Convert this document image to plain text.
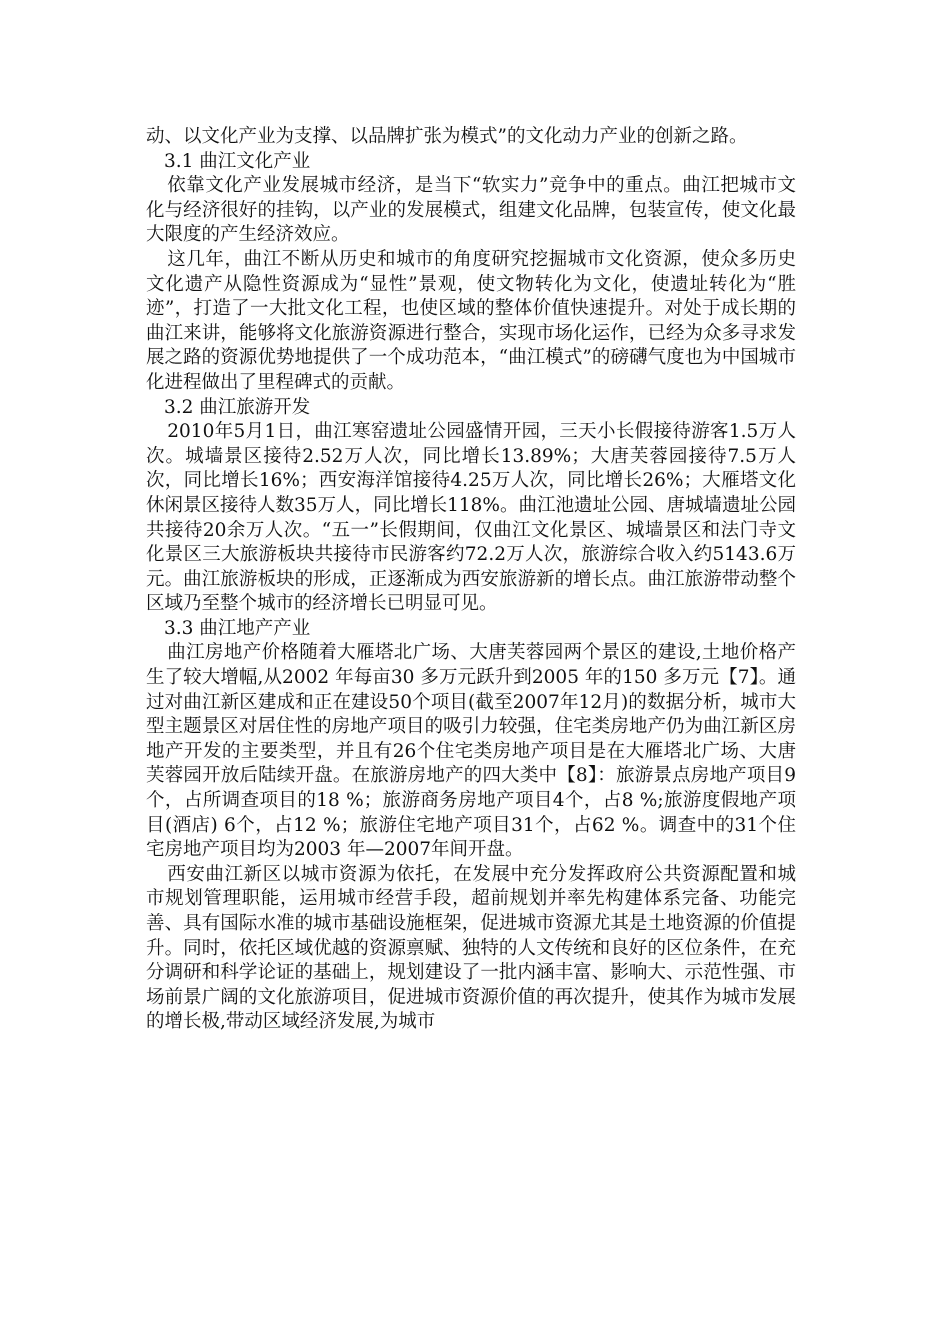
动、以文化产业为支撑、以品牌扩张为模式”的文化动力产业的创新之路。

3.1 曲江文化产业

依靠文化产业发展城市经济，是当下“软实力”竞争中的重点。曲江把城市文化与经济很好的挂钩，以产业的发展模式，组建文化品牌，包装宣传，使文化最大限度的产生经济效应。

这几年，曲江不断从历史和城市的角度研究挖掘城市文化资源，使众多历史文化遗产从隐性资源成为“显性”景观，使文物转化为文化，使遗址转化为“胜迹”，打造了一大批文化工程，也使区域的整体价值快速提升。对处于成长期的曲江来讲，能够将文化旅游资源进行整合，实现市场化运作，已经为众多寻求发展之路的资源优势地提供了一个成功范本，“曲江模式”的磅礴气度也为中国城市化进程做出了里程碑式的贡献。

3.2 曲江旅游开发

2010年5月1日，曲江寒窑遗址公园盛情开园，三天小长假接待游客1.5万人次。城墙景区接待2.52万人次，同比增长13.89%；大唐芙蓉园接待7.5万人次，同比增长16%；西安海洋馆接待4.25万人次，同比增长26%；大雁塔文化休闲景区接待人数35万人，同比增长118%。曲江池遗址公园、唐城墙遗址公园共接待20余万人次。“五一”长假期间，仅曲江文化景区、城墙景区和法门寺文化景区三大旅游板块共接待市民游客约72.2万人次，旅游综合收入约5143.6万元。曲江旅游板块的形成，正逐渐成为西安旅游新的增长点。曲江旅游带动整个区域乃至整个城市的经济增长已明显可见。

3.3 曲江地产产业

曲江房地产价格随着大雁塔北广场、大唐芙蓉园两个景区的建设,土地价格产生了较大增幅,从2002 年每亩30 多万元跃升到2005 年的150 多万元【7】。通过对曲江新区建成和正在建设50个项目(截至2007年12月)的数据分析，城市大型主题景区对居住性的房地产项目的吸引力较强，住宅类房地产仍为曲江新区房地产开发的主要类型，并且有26个住宅类房地产项目是在大雁塔北广场、大唐芙蓉园开放后陆续开盘。在旅游房地产的四大类中【8】：旅游景点房地产项目9个，占所调查项目的18 %；旅游商务房地产项目4个，占8 %;旅游度假地产项目(酒店) 6个，占12 %；旅游住宅地产项目31个，占62 %。调查中的31个住宅房地产项目均为2003 年—2007年间开盘。

西安曲江新区以城市资源为依托，在发展中充分发挥政府公共资源配置和城市规划管理职能，运用城市经营手段，超前规划并率先构建体系完备、功能完善、具有国际水准的城市基础设施框架，促进城市资源尤其是土地资源的价值提升。同时，依托区域优越的资源禀赋、独特的人文传统和良好的区位条件，在充分调研和科学论证的基础上，规划建设了一批内涵丰富、影响大、示范性强、市场前景广阔的文化旅游项目，促进城市资源价值的再次提升，使其作为城市发展的增长极,带动区域经济发展,为城市
